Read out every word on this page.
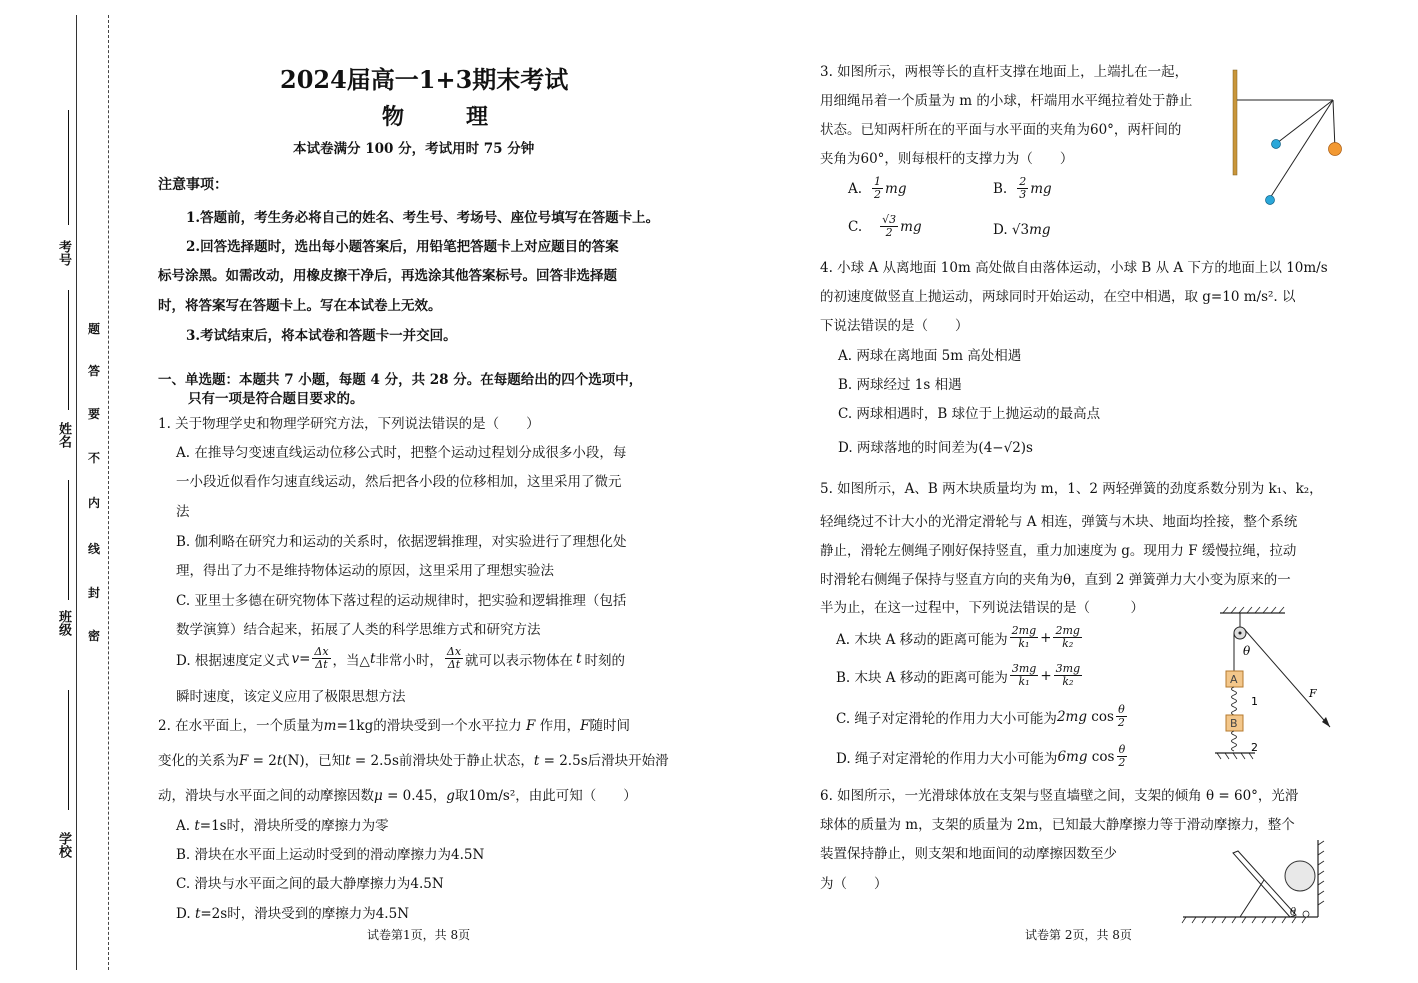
考号
姓名
班级
学校
题
答
要
不
内
线
封
密
2024届高一1+3期末考试
物　理
本试卷满分 100 分，考试用时 75 分钟
注意事项：
1.答题前，考生务必将自己的姓名、考生号、考场号、座位号填写在答题卡上。
2.回答选择题时，选出每小题答案后，用铅笔把答题卡上对应题目的答案
标号涂黑。如需改动，用橡皮擦干净后，再选涂其他答案标号。回答非选择题
时，将答案写在答题卡上。写在本试卷上无效。
3.考试结束后，将本试卷和答题卡一并交回。
一、单选题：本题共 7 小题，每题 4 分，共 28 分。在每题给出的四个选项中，
只有一项是符合题目要求的。
1. 关于物理学史和物理学研究方法，下列说法错误的是（　　）
A. 在推导匀变速直线运动位移公式时，把整个运动过程划分成很多小段，每
一小段近似看作匀速直线运动，然后把各小段的位移相加，这里采用了微元
法
B. 伽利略在研究力和运动的关系时，依据逻辑推理，对实验进行了理想化处
理，得出了力不是维持物体运动的原因，这里采用了理想实验法
C. 亚里士多德在研究物体下落过程的运动规律时，把实验和逻辑推理（包括
数学演算）结合起来，拓展了人类的科学思维方式和研究方法
D. 根据速度定义式 $v = \frac{\Delta x}{\Delta t}$ ，当△ t 非常小时， $\frac{\Delta x}{\Delta t}$ 就可以表示物体在 t 时刻的
瞬时速度，该定义应用了极限思想方法
2. 在水平面上，一个质量为m=1kg的滑块受到一个水平拉力 F 作用，F随时间
变化的关系为F = 2t(N)，已知t = 2.5s前滑块处于静止状态，t = 2.5s后滑块开始滑
动，滑块与水平面之间的动摩擦因数μ = 0.45，g取10m/s²，由此可知（　　）
A. t=1s时，滑块所受的摩擦力为零
B. 滑块在水平面上运动时受到的滑动摩擦力为4.5N
C. 滑块与水平面之间的最大静摩擦力为4.5N
D. t=2s时，滑块受到的摩擦力为4.5N
试卷第1页，共 8页
3. 如图所示，两根等长的直杆支撑在地面上，上端扎在一起，
用细绳吊着一个质量为 m 的小球，杆端用水平绳拉着处于静止
状态。已知两杆所在的平面与水平面的夹角为60°，两杆间的
夹角为60°，则每根杆的支撑力为（　　）
A. $\frac{1}{2}$ mg	B. $\frac{2}{3}$ mg
C. $\frac{√3}{2}$ mg	D. √3mg
4. 小球 A 从离地面 10m 高处做自由落体运动，小球 B 从 A 下方的地面上以 10m/s
的初速度做竖直上抛运动，两球同时开始运动，在空中相遇，取 g=10 m/s². 以
下说法错误的是（　　）
A. 两球在离地面 5m 高处相遇
B. 两球经过 1s 相遇
C. 两球相遇时，B 球位于上抛运动的最高点
D. 两球落地的时间差为(4−√2)s
5. 如图所示，A、B 两木块质量均为 m，1、2 两轻弹簧的劲度系数分别为 k₁、k₂，
轻绳绕过不计大小的光滑定滑轮与 A 相连，弹簧与木块、地面均拴接，整个系统
静止，滑轮左侧绳子刚好保持竖直，重力加速度为 g。现用力 F 缓慢拉绳，拉动
时滑轮右侧绳子保持与竖直方向的夹角为θ，直到 2 弹簧弹力大小变为原来的一
半为止，在这一过程中，下列说法错误的是（　　　）
A. 木块 A 移动的距离可能为 $\frac{2mg}{\text{k₁}} + \frac{2mg}{\text{k₂}}$
B. 木块 A 移动的距离可能为 $\frac{3mg}{\text{k₁}} + \frac{3mg}{\text{k₂}}$
C. 绳子对定滑轮的作用力大小可能为 2mg $\cos \frac{\theta}{2}$
D. 绳子对定滑轮的作用力大小可能为 6mg $\cos \frac{\theta}{2}$
θ
F
A
1
B
2
6. 如图所示，一光滑球体放在支架与竖直墙壁之间，支架的倾角 θ = 60°，光滑
球体的质量为 m，支架的质量为 2m，已知最大静摩擦力等于滑动摩擦力，整个
装置保持静止，则支架和地面间的动摩擦因数至少
为（　　）
θ
试卷第 2页，共 8页
